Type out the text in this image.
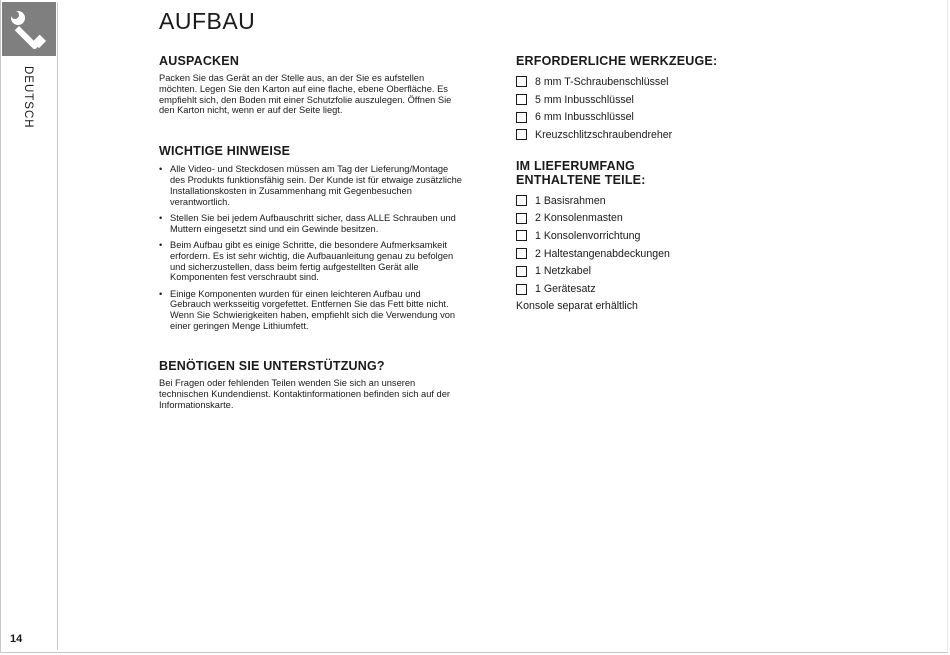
DEUTSCH
AUFBAU
AUSPACKEN

Packen Sie das Gerät an der Stelle aus, an der Sie es aufstellen möchten. Legen Sie den Karton auf eine flache, ebene Oberfläche. Es empfiehlt sich, den Boden mit einer Schutzfolie auszulegen. Öffnen Sie den Karton nicht, wenn er auf der Seite liegt.

WICHTIGE HINWEISE
• Alle Video- und Steckdosen müssen am Tag der Lieferung/Montage des Produkts funktionsfähig sein. Der Kunde ist für etwaige zusätzliche Installationskosten in Zusammenhang mit Gegenbesuchen verantwortlich.
• Stellen Sie bei jedem Aufbauschritt sicher, dass ALLE Schrauben und Muttern eingesetzt sind und ein Gewinde besitzen.
• Beim Aufbau gibt es einige Schritte, die besondere Aufmerksamkeit erfordern. Es ist sehr wichtig, die Aufbauanleitung genau zu befolgen und sicherzustellen, dass beim fertig aufgestellten Gerät alle Komponenten fest verschraubt sind.
• Einige Komponenten wurden für einen leichteren Aufbau und Gebrauch werksseitig vorgefettet. Entfernen Sie das Fett bitte nicht. Wenn Sie Schwierigkeiten haben, empfiehlt sich die Verwendung von einer geringen Menge Lithiumfett.
BENÖTIGEN SIE UNTERSTÜTZUNG?

Bei Fragen oder fehlenden Teilen wenden Sie sich an unseren technischen Kundendienst. Kontaktinformationen befinden sich auf der Informationskarte.

ERFORDERLICHE WERKZEUGE:
8 mm T-Schraubenschlüssel
5 mm Inbusschlüssel
6 mm Inbusschlüssel
Kreuzschlitzschraubendreher
IM LIEFERUMFANG
ENTHALTENE TEILE:
1 Basisrahmen
2 Konsolenmasten
1 Konsolenvorrichtung
2 Haltestangenabdeckungen
1 Netzkabel
1 Gerätesatz
Konsole separat erhältlich
14
